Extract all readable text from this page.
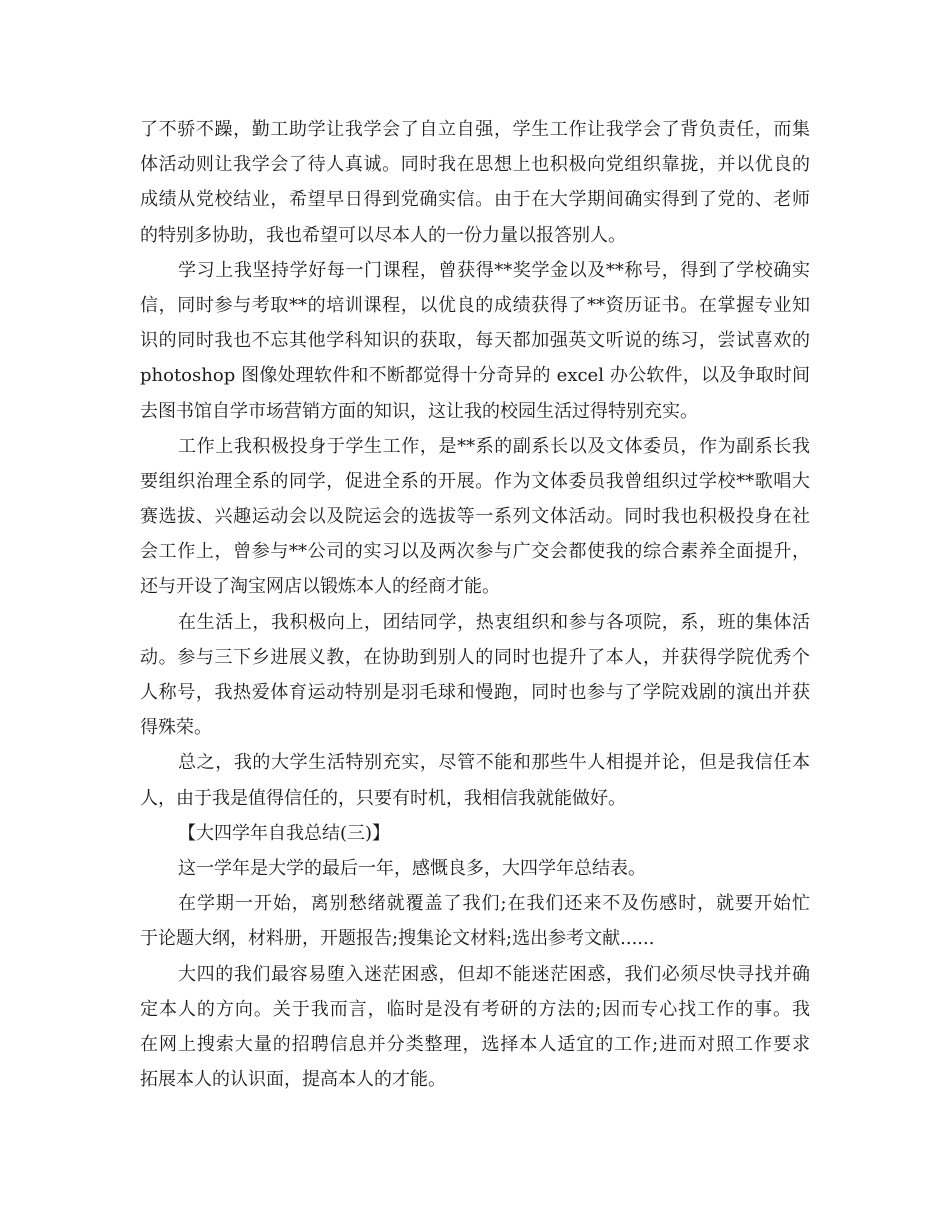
了不骄不躁，勤工助学让我学会了自立自强，学生工作让我学会了背负责任，而集
体活动则让我学会了待人真诚。同时我在思想上也积极向党组织靠拢，并以优良的
成绩从党校结业，希望早日得到党确实信。由于在大学期间确实得到了党的、老师
的特别多协助，我也希望可以尽本人的一份力量以报答别人。
学习上我坚持学好每一门课程，曾获得**奖学金以及**称号，得到了学校确实
信，同时参与考取**的培训课程，以优良的成绩获得了**资历证书。在掌握专业知
识的同时我也不忘其他学科知识的获取，每天都加强英文听说的练习，尝试喜欢的
photoshop 图像处理软件和不断都觉得十分奇异的 excel 办公软件，以及争取时间
去图书馆自学市场营销方面的知识，这让我的校园生活过得特别充实。
工作上我积极投身于学生工作，是**系的副系长以及文体委员，作为副系长我
要组织治理全系的同学，促进全系的开展。作为文体委员我曾组织过学校**歌唱大
赛选拔、兴趣运动会以及院运会的选拔等一系列文体活动。同时我也积极投身在社
会工作上，曾参与**公司的实习以及两次参与广交会都使我的综合素养全面提升，
还与开设了淘宝网店以锻炼本人的经商才能。
在生活上，我积极向上，团结同学，热衷组织和参与各项院，系，班的集体活
动。参与三下乡进展义教，在协助到别人的同时也提升了本人，并获得学院优秀个
人称号，我热爱体育运动特别是羽毛球和慢跑，同时也参与了学院戏剧的演出并获
得殊荣。
总之，我的大学生活特别充实，尽管不能和那些牛人相提并论，但是我信任本
人，由于我是值得信任的，只要有时机，我相信我就能做好。
【大四学年自我总结(三)】
这一学年是大学的最后一年，感慨良多，大四学年总结表。
在学期一开始，离别愁绪就覆盖了我们;在我们还来不及伤感时，就要开始忙
于论题大纲，材料册，开题报告;搜集论文材料;选出参考文献......
大四的我们最容易堕入迷茫困惑，但却不能迷茫困惑，我们必须尽快寻找并确
定本人的方向。关于我而言，临时是没有考研的方法的;因而专心找工作的事。我
在网上搜索大量的招聘信息并分类整理，选择本人适宜的工作;进而对照工作要求
拓展本人的认识面，提高本人的才能。
